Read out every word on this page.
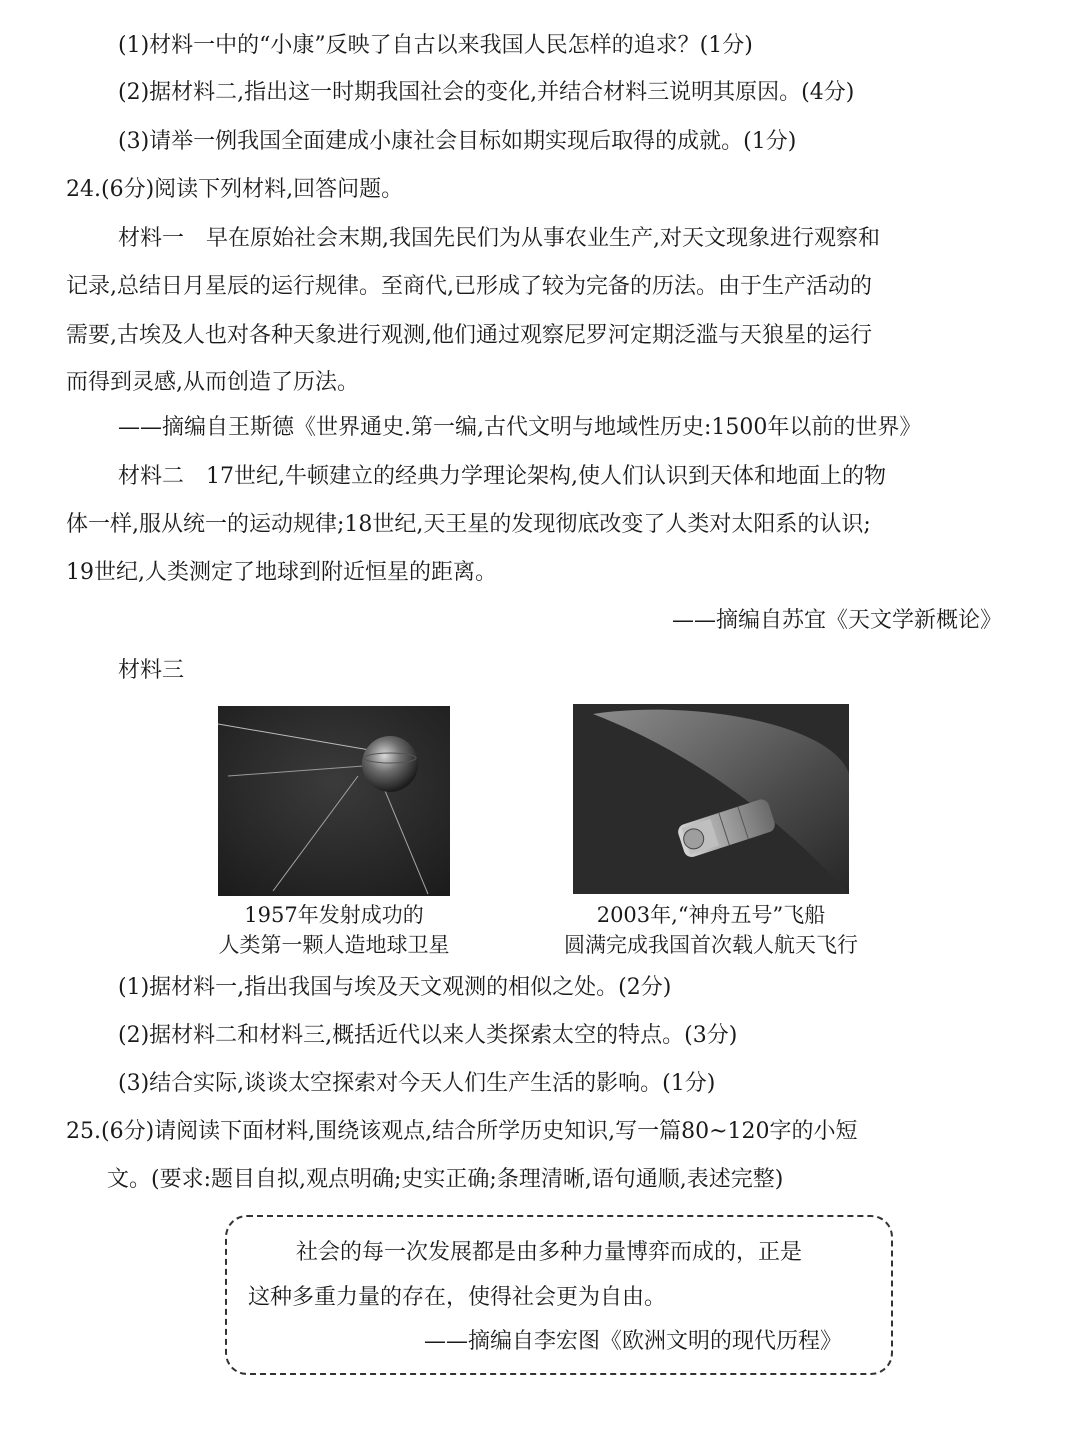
(1)材料一中的“小康”反映了自古以来我国人民怎样的追求？(1分)
(2)据材料二,指出这一时期我国社会的变化,并结合材料三说明其原因。(4分)
(3)请举一例我国全面建成小康社会目标如期实现后取得的成就。(1分)
24.(6分)阅读下列材料,回答问题。
材料一　早在原始社会末期,我国先民们为从事农业生产,对天文现象进行观察和
记录,总结日月星辰的运行规律。至商代,已形成了较为完备的历法。由于生产活动的
需要,古埃及人也对各种天象进行观测,他们通过观察尼罗河定期泛滥与天狼星的运行
而得到灵感,从而创造了历法。
——摘编自王斯德《世界通史.第一编,古代文明与地域性历史:1500年以前的世界》
材料二　17世纪,牛顿建立的经典力学理论架构,使人们认识到天体和地面上的物
体一样,服从统一的运动规律;18世纪,天王星的发现彻底改变了人类对太阳系的认识;
19世纪,人类测定了地球到附近恒星的距离。
——摘编自苏宜《天文学新概论》
材料三
1957年发射成功的
人类第一颗人造地球卫星
2003年,“神舟五号”飞船
圆满完成我国首次载人航天飞行
(1)据材料一,指出我国与埃及天文观测的相似之处。(2分)
(2)据材料二和材料三,概括近代以来人类探索太空的特点。(3分)
(3)结合实际,谈谈太空探索对今天人们生产生活的影响。(1分)
25.(6分)请阅读下面材料,围绕该观点,结合所学历史知识,写一篇80~120字的小短
文。(要求:题目自拟,观点明确;史实正确;条理清晰,语句通顺,表述完整)
社会的每一次发展都是由多种力量博弈而成的，正是
这种多重力量的存在，使得社会更为自由。
——摘编自李宏图《欧洲文明的现代历程》
